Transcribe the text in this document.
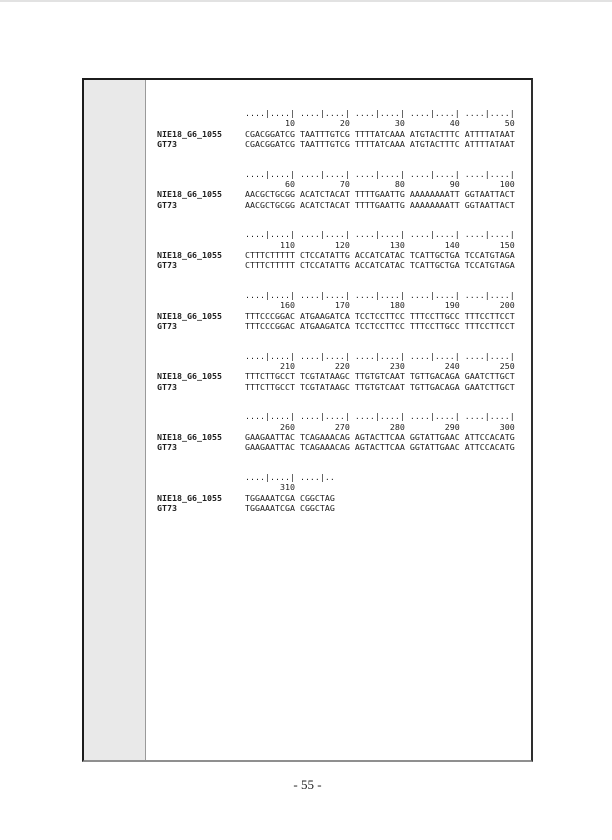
....|....| ....|....| ....|....| ....|....| ....|....|
10         20         30         40         50
NIE18_G6_1055	CGACGGATCG TAATTTGTCG TTTTATCAAA ATGTACTTTC ATTTTATAAT
GT73	CGACGGATCG TAATTTGTCG TTTTATCAAA ATGTACTTTC ATTTTATAAT
....|....| ....|....| ....|....| ....|....| ....|....|
60         70         80         90        100
NIE18_G6_1055	AACGCTGCGG ACATCTACAT TTTTGAATTG AAAAAAAATT GGTAATTACT
GT73	AACGCTGCGG ACATCTACAT TTTTGAATTG AAAAAAAATT GGTAATTACT
....|....| ....|....| ....|....| ....|....| ....|....|
110        120        130        140        150
NIE18_G6_1055	CTTTCTTTTT CTCCATATTG ACCATCATAC TCATTGCTGA TCCATGTAGA
GT73	CTTTCTTTTT CTCCATATTG ACCATCATAC TCATTGCTGA TCCATGTAGA
....|....| ....|....| ....|....| ....|....| ....|....|
160        170        180        190        200
NIE18_G6_1055	TTTCCCGGAC ATGAAGATCA TCCTCCTTCC TTTCCTTGCC TTTCCTTCCT
GT73	TTTCCCGGAC ATGAAGATCA TCCTCCTTCC TTTCCTTGCC TTTCCTTCCT
....|....| ....|....| ....|....| ....|....| ....|....|
210        220        230        240        250
NIE18_G6_1055	TTTCTTGCCT TCGTATAAGC TTGTGTCAAT TGTTGACAGA GAATCTTGCT
GT73	TTTCTTGCCT TCGTATAAGC TTGTGTCAAT TGTTGACAGA GAATCTTGCT
....|....| ....|....| ....|....| ....|....| ....|....|
260        270        280        290        300
NIE18_G6_1055	GAAGAATTAC TCAGAAACAG AGTACTTCAA GGTATTGAAC ATTCCACATG
GT73	GAAGAATTAC TCAGAAACAG AGTACTTCAA GGTATTGAAC ATTCCACATG
....|....| ....|..
310
NIE18_G6_1055	TGGAAATCGA CGGCTAG
GT73	TGGAAATCGA CGGCTAG
- 55 -
